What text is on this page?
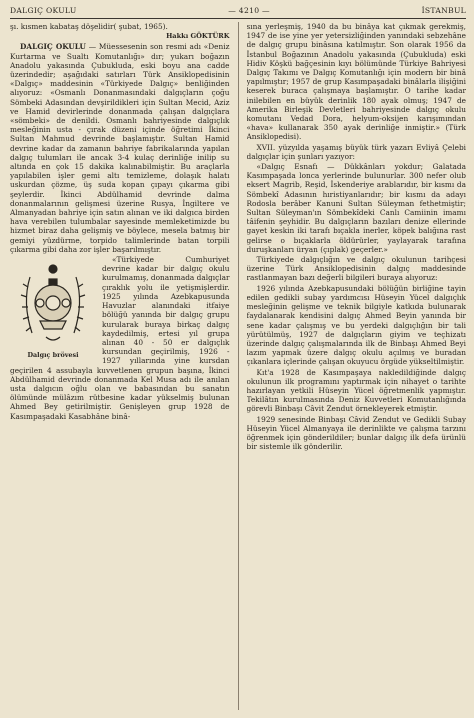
DALGIÇ OKULU	— 4210 —	İSTANBUL

şı. kısmen kabataş döşelidir( şubat, 1965).

Hakkı GÖKTÜRK

DALGIÇ OKULU — Müessesenin son resmi adı «Deniz Kurtarma ve Sualtı Komutanlığı» dır; yukarı boğazın Anadolu yakasında Çubukluda, eski boyu ana cadde üzerindedir; aşağıdaki satırları Türk Ansiklopedisinin «Dalgıç» maddesinin «Türkiyede Dalgıç» benliğinden alıyoruz: «Osmanlı Donanmasındaki dalgıçların çoğu Sömbeki Adasından devşirildikleri için Sultan Mecid, Aziz ve Hamid devirlerinde donanmada çalışan dalgıçlara «sömbeki» de denildi. Osmanlı bahriyesinde dalgıçlık mesleğinin usta - çırak düzeni içinde öğretimi İkinci Sultan Mahmud devrinde başlamıştır. Sultan Hamid devrine kadar da zamanın bahriye fabrikalarında yapılan dalgıç tulumları ile ancak 3-4 kulaç derinliğe inilip su altında en çok 15 dakika kalınabilmiştir. Bu araçlarla yapılabilen işler gemi altı temizleme, dolaşık halatı uskurdan çözme, üş suda kopan çıpayı çıkarma gibi şeylerdir. İkinci Abdülhamid devrinde dalma donanmalarının gelişmesi üzerine Rusya, İngiltere ve Almanyadan bahriye için satın alınan ve iki dalgıca birden hava verebilen tulumbalar sayesinde memleketimizde bu hizmet biraz daha gelişmiş ve böylece, mesela batmış bir gemiyi yüzdürme, torpido talimlerinde batan torpili çıkarma gibi daha zor işler başarılmıştır.

Dalgıç brövesi

«Türkiyede Cumhuriyet devrine kadar bir dalgıç okulu kurulmamış, donanmada dalgıçlar çıraklık yolu ile yetişmişlerdir. 1925 yılında Azebkapusunda Havuzlar alanındaki itfaiye bölüğü yanında bir dalgıç grupu kurularak buraya birkaç dalgıç kaydedilmiş, ertesi yıl grupa alınan 40 - 50 er dalgıçlık kursundan geçirilmiş, 1926 - 1927 yıllarında yine kursdan geçirilen 4 assubayla kuvvetlenen grupun başına, İkinci Abdülhamid devrinde donanmada Kel Musa adı ile anılan usta dalgıcın oğlu olan ve babasından bu sanatın ölümünde mülâzım rütbesine kadar yükselmiş bulunan Ahmed Bey getirilmiştir. Genişleyen grup 1928 de Kasımpaşadaki Kasabhâne binâ-

sına yerleşmiş, 1940 da bu binâya kat çıkmak gerekmiş, 1947 de ise yine yer yetersizliğinden yanındaki sebzehâne de dalgıç grupu binâsına katılmıştır. Son olarak 1956 da İstanbul Boğazının Anadolu yakasında (Çubukluda) eski Hidiv Köşkü bağçesinin kıyı bölümünde Türkiye Bahriyesi Dalgıç Takımı ve Dalgıç Komutanlığı için modern bir binâ yapılmıştır; 1957 de grup Kasımpaşadaki binâlarla ilişiğini keserek buraca çalışmaya başlamıştır. O tarihe kadar inilebilen en büyük derinlik 180 ayak olmuş; 1947 de Amerika Birleşik Devletleri bahriyesinde dalgıç okulu komutanı Vedad Dora, helyum-oksijen karışımından «hava» kullanarak 350 ayak derinliğe inmiştir.» (Türk Ansiklopedisi).

XVII. yüzyılda yaşamış büyük türk yazarı Evliyâ Çelebi dalgıçlar için şunları yazıyor:

«Dalgıç Esnafı — Dükkânları yokdur; Galatada Kasımpaşada lonca yerlerinde bulunurlar. 300 nefer olub eksert Magrib, Reşid, İskenderiye arablarıdır, bir kısmı da Sömbekî Adasının hıristiyanlarıdır; bir kısmı da adayı Rodosla berâber Kanuni Sultan Süleyman fethetmiştir; Sultan Süleyman'ın Sömbekîdeki Canlı Camiinin imamı tâifenin şeyhidir. Bu dalgıçların bazıları denize ellerinde gayet keskin iki tarafı bıçakla inerler, köpek balığına rast gelirse o bıçaklarla öldürürler, yaylayarak tarafına duruşkanları üryan (çıplak) geçerler.»

Türkiyede dalgıçlığın ve dalgıç okulunun tarihçesi üzerine Türk Ansiklopedisinin dalgıç maddesinde rastlanmayan bazı değerli bilgileri buraya alıyoruz:

1926 yılında Azebkapusundaki bölüğün birliğine tayin edilen gedikli subay yardımcısı Hüseyin Yücel dalgıçlık mesleğinin gelişme ve teknik bilgiyle katkıda bulunarak faydalanarak kendisini dalgıç Ahmed Beyin yanında bir sene kadar çalışmış ve bu yerdeki dalgıçlığın bir tali yürütülmüş, 1927 de dalgıçların giyim ve teçhizatı üzerinde dalgıç çalışmalarında ilk de Binbaşı Ahmed Beyi lazım yapmak üzere dalgıç okulu açılmış ve buradan çıkanlara içlerinde çalışan okuyucu örgüde yükseltilmiştir.

Kıt'a 1928 de Kasımpaşaya nakledildiğinde dalgıç okulunun ilk programını yaptırmak için nihayet o tarihte hazırlayan yetkili Hüseyin Yücel öğretmenlik yapmıştır. Tekilâtın kurulmasında Deniz Kuvvetleri Komutanlığında görevli Binbaşı Câvit Zendut örnekleyerek etmiştir.

1929 senesinde Binbaşı Câvid Zendut ve Gedikli Subay Hüseyin Yücel Almanyaya ile derinlikte ve çalışma tarzını öğrenmek için gönderildiler; bunlar dalgıç ilk defa ürünlü bir sistemle ilk gönderilir.
